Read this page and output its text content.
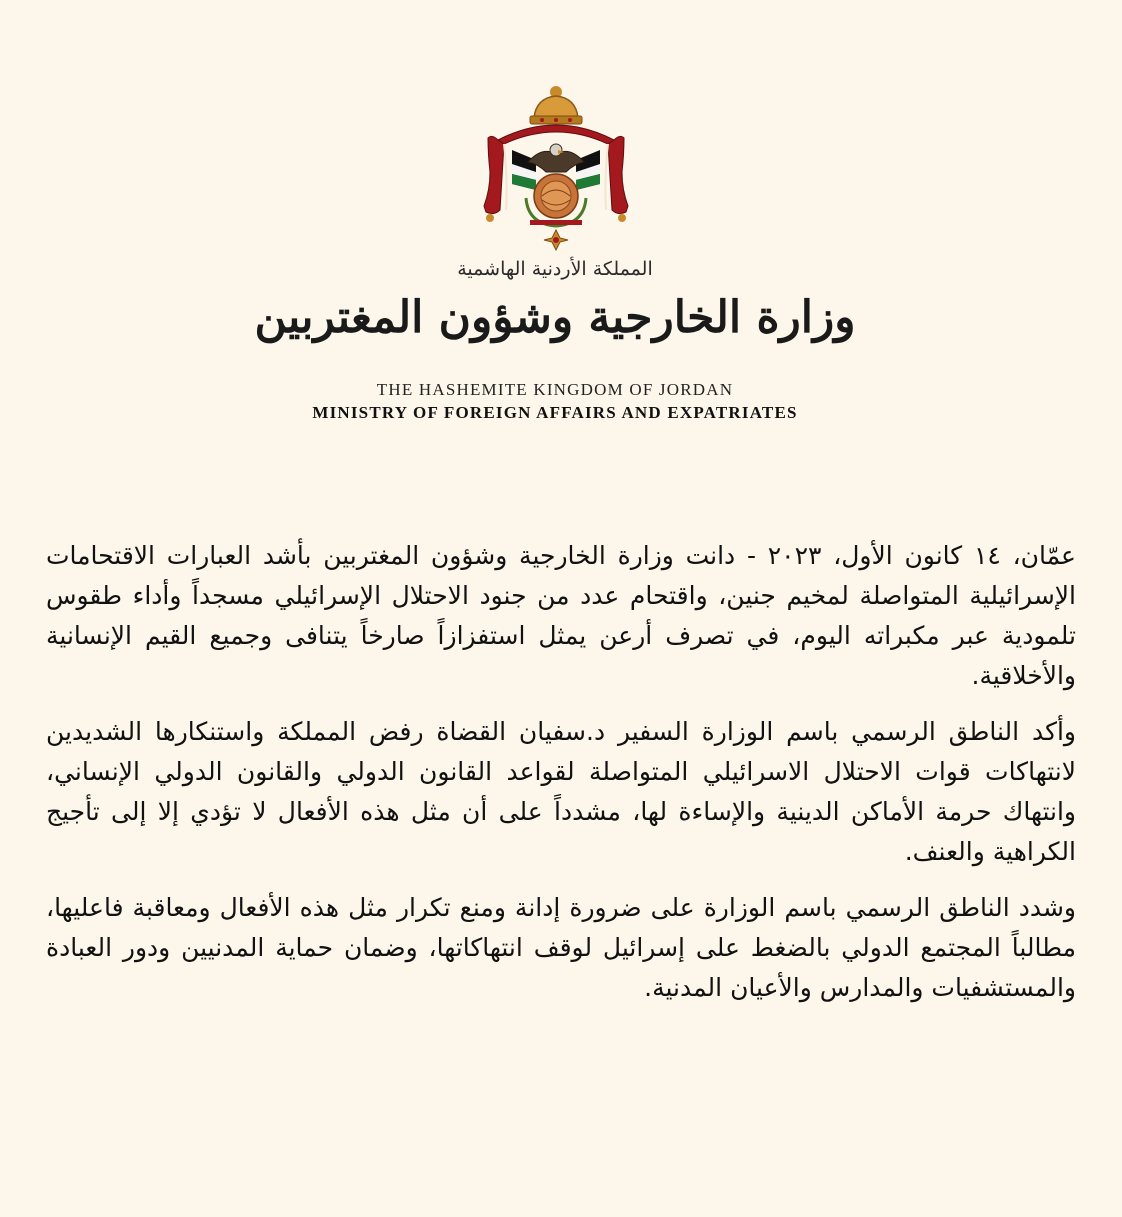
المملكة الأردنية الهاشمية
وزارة الخارجية وشؤون المغتربين
THE HASHEMITE KINGDOM OF JORDAN
MINISTRY OF FOREIGN AFFAIRS AND EXPATRIATES

عمّان، ١٤ كانون الأول، ٢٠٢٣ - دانت وزارة الخارجية وشؤون المغتربين بأشد العبارات الاقتحامات الإسرائيلية المتواصلة لمخيم جنين، واقتحام عدد من جنود الاحتلال الإسرائيلي مسجداً وأداء طقوس تلمودية عبر مكبراته اليوم، في تصرف أرعن يمثل استفزازاً صارخاً يتنافى وجميع القيم الإنسانية والأخلاقية.

وأكد الناطق الرسمي باسم الوزارة السفير د.سفيان القضاة رفض المملكة واستنكارها الشديدين لانتهاكات قوات الاحتلال الاسرائيلي المتواصلة لقواعد القانون الدولي والقانون الدولي الإنساني، وانتهاك حرمة الأماكن الدينية والإساءة لها، مشدداً على أن مثل هذه الأفعال لا تؤدي إلا إلى تأجيج الكراهية والعنف.

وشدد الناطق الرسمي باسم الوزارة على ضرورة إدانة ومنع تكرار مثل هذه الأفعال ومعاقبة فاعليها، مطالباً المجتمع الدولي بالضغط على إسرائيل لوقف انتهاكاتها، وضمان حماية المدنيين ودور العبادة والمستشفيات والمدارس والأعيان المدنية.
